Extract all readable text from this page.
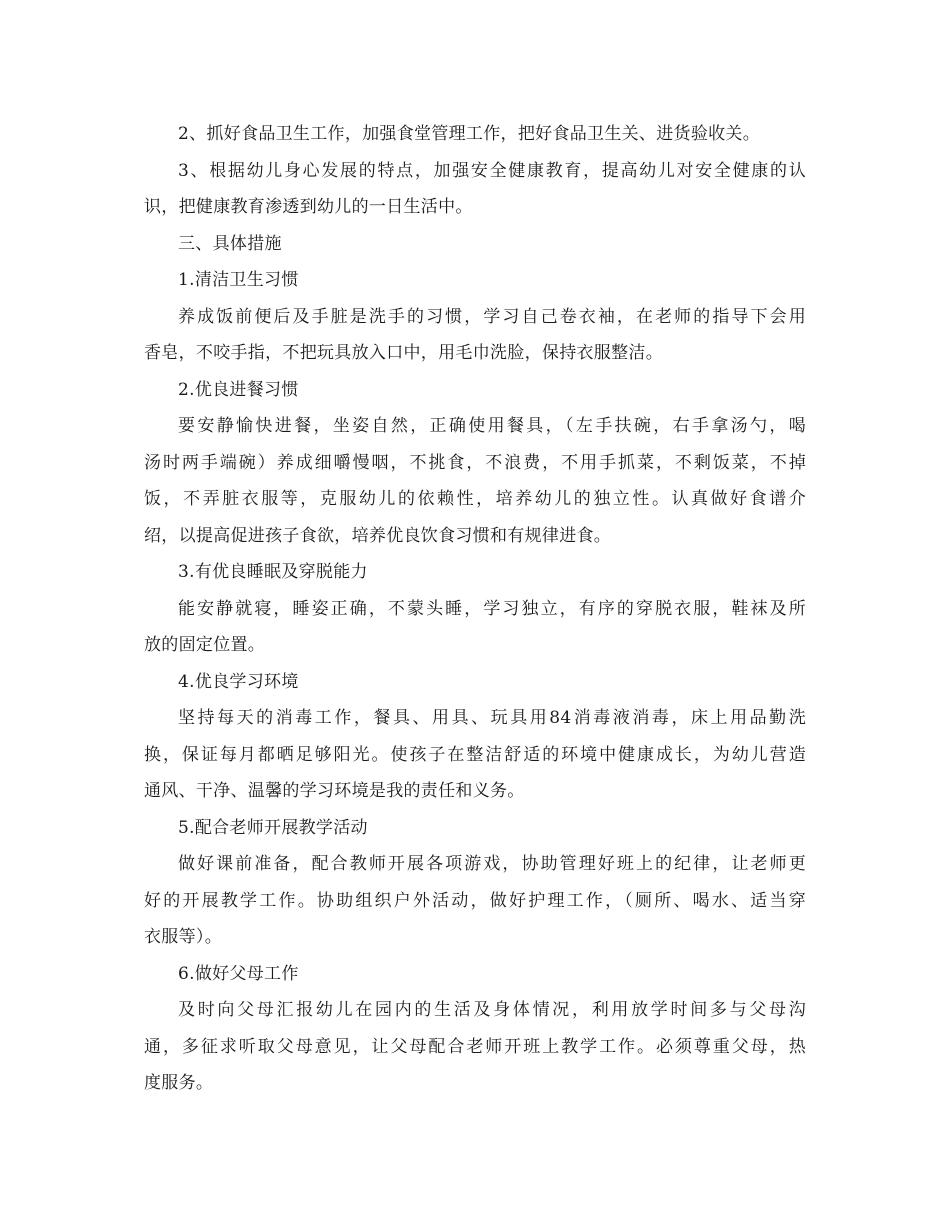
2、抓好食品卫生工作，加强食堂管理工作，把好食品卫生关、进货验收关。
3、根据幼儿身心发展的特点，加强安全健康教育，提高幼儿对安全健康的认
识，把健康教育渗透到幼儿的一日生活中。
三、具体措施
1.清洁卫生习惯
养成饭前便后及手脏是洗手的习惯，学习自己卷衣袖，在老师的指导下会用
香皂，不咬手指，不把玩具放入口中，用毛巾洗脸，保持衣服整洁。
2.优良进餐习惯
要安静愉快进餐，坐姿自然，正确使用餐具，（左手扶碗，右手拿汤勺，喝
汤时两手端碗）养成细嚼慢咽，不挑食，不浪费，不用手抓菜，不剩饭菜，不掉
饭，不弄脏衣服等，克服幼儿的依赖性，培养幼儿的独立性。认真做好食谱介
绍，以提高促进孩子食欲，培养优良饮食习惯和有规律进食。
3.有优良睡眠及穿脱能力
能安静就寝，睡姿正确，不蒙头睡，学习独立，有序的穿脱衣服，鞋袜及所
放的固定位置。
4.优良学习环境
坚持每天的消毒工作，餐具、用具、玩具用84消毒液消毒，床上用品勤洗
换，保证每月都晒足够阳光。使孩子在整洁舒适的环境中健康成长，为幼儿营造
通风、干净、温馨的学习环境是我的责任和义务。
5.配合老师开展教学活动
做好课前准备，配合教师开展各项游戏，协助管理好班上的纪律，让老师更
好的开展教学工作。协助组织户外活动，做好护理工作，（厕所、喝水、适当穿
衣服等）。
6.做好父母工作
及时向父母汇报幼儿在园内的生活及身体情况，利用放学时间多与父母沟
通，多征求听取父母意见，让父母配合老师开班上教学工作。必须尊重父母，热
度服务。
